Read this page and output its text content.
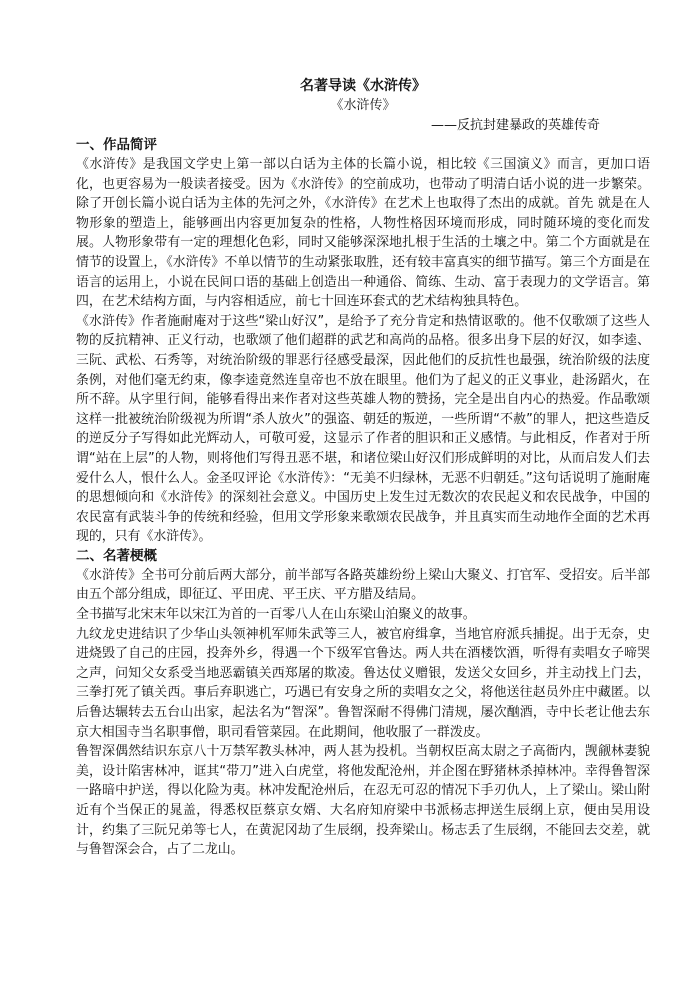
名著导读《水浒传》

《水浒传》

——反抗封建暴政的英雄传奇

一、作品简评

《水浒传》是我国文学史上第一部以白话为主体的长篇小说，相比较《三国演义》而言，更加口语化，也更容易为一般读者接受。因为《水浒传》的空前成功，也带动了明清白话小说的进一步繁荣。除了开创长篇小说白话为主体的先河之外，《水浒传》在艺术上也取得了杰出的成就。首先 就是在人物形象的塑造上，能够画出内容更加复杂的性格，人物性格因环境而形成，同时随环境的变化而发展。人物形象带有一定的理想化色彩，同时又能够深深地扎根于生活的土壤之中。第二个方面就是在情节的设置上，《水浒传》不单以情节的生动紧张取胜，还有较丰富真实的细节描写。第三个方面是在语言的运用上，小说在民间口语的基础上创造出一种通俗、简练、生动、富于表现力的文学语言。第四，在艺术结构方面，与内容相适应，前七十回连环套式的艺术结构独具特色。

《水浒传》作者施耐庵对于这些“梁山好汉”，是给予了充分肯定和热情讴歌的。他不仅歌颂了这些人物的反抗精神、正义行动，也歌颂了他们超群的武艺和高尚的品格。很多出身下层的好汉，如李逵、三阮、武松、石秀等，对统治阶级的罪恶行径感受最深，因此他们的反抗性也最强，统治阶级的法度条例，对他们毫无约束，像李逵竟然连皇帝也不放在眼里。他们为了起义的正义事业，赴汤蹈火，在所不辞。从字里行间，能够看得出来作者对这些英雄人物的赞扬，完全是出自内心的热爱。作品歌颂这样一批被统治阶级视为所谓“杀人放火”的强盗、朝廷的叛逆，一些所谓“不赦”的罪人，把这些造反的逆反分子写得如此光辉动人，可敬可爱，这显示了作者的胆识和正义感情。与此相反，作者对于所谓“站在上层”的人物，则将他们写得丑恶不堪，和诸位梁山好汉们形成鲜明的对比，从而启发人们去爱什么人，恨什么人。金圣叹评论《水浒传》：“无美不归绿林，无恶不归朝廷。”这句话说明了施耐庵的思想倾向和《水浒传》的深刻社会意义。中国历史上发生过无数次的农民起义和农民战争，中国的农民富有武装斗争的传统和经验，但用文学形象来歌颂农民战争，并且真实而生动地作全面的艺术再现的，只有《水浒传》。

二、名著梗概

《水浒传》全书可分前后两大部分，前半部写各路英雄纷纷上梁山大聚义、打官军、受招安。后半部由五个部分组成，即征辽、平田虎、平王庆、平方腊及结局。

全书描写北宋末年以宋江为首的一百零八人在山东梁山泊聚义的故事。

九纹龙史进结识了少华山头领神机军师朱武等三人，被官府缉拿，当地官府派兵捕捉。出于无奈，史进烧毁了自己的庄园，投奔外乡，得遇一个下级军官鲁达。两人共在酒楼饮酒，听得有卖唱女子啼哭之声，问知父女系受当地恶霸镇关西郑屠的欺凌。鲁达仗义赠银，发送父女回乡，并主动找上门去，三拳打死了镇关西。事后弃职逃亡，巧遇已有安身之所的卖唱女之父，将他送往赵员外庄中藏匿。以后鲁达辗转去五台山出家，起法名为“智深”。鲁智深耐不得佛门清规，屡次酗酒，寺中长老让他去东京大相国寺当名职事僧，职司看管菜园。在此期间，他收服了一群泼皮。

鲁智深偶然结识东京八十万禁军教头林冲，两人甚为投机。当朝权臣高太尉之子高衙内，觊觎林妻貌美，设计陷害林冲，诓其“带刀”进入白虎堂，将他发配沧州，并企图在野猪林杀掉林冲。幸得鲁智深一路暗中护送，得以化险为夷。林冲发配沧州后，在忍无可忍的情况下手刃仇人，上了梁山。梁山附近有个当保正的晁盖，得悉权臣蔡京女婿、大名府知府梁中书派杨志押送生辰纲上京，便由吴用设计，约集了三阮兄弟等七人，在黄泥冈劫了生辰纲，投奔梁山。杨志丢了生辰纲，不能回去交差，就与鲁智深会合，占了二龙山。
